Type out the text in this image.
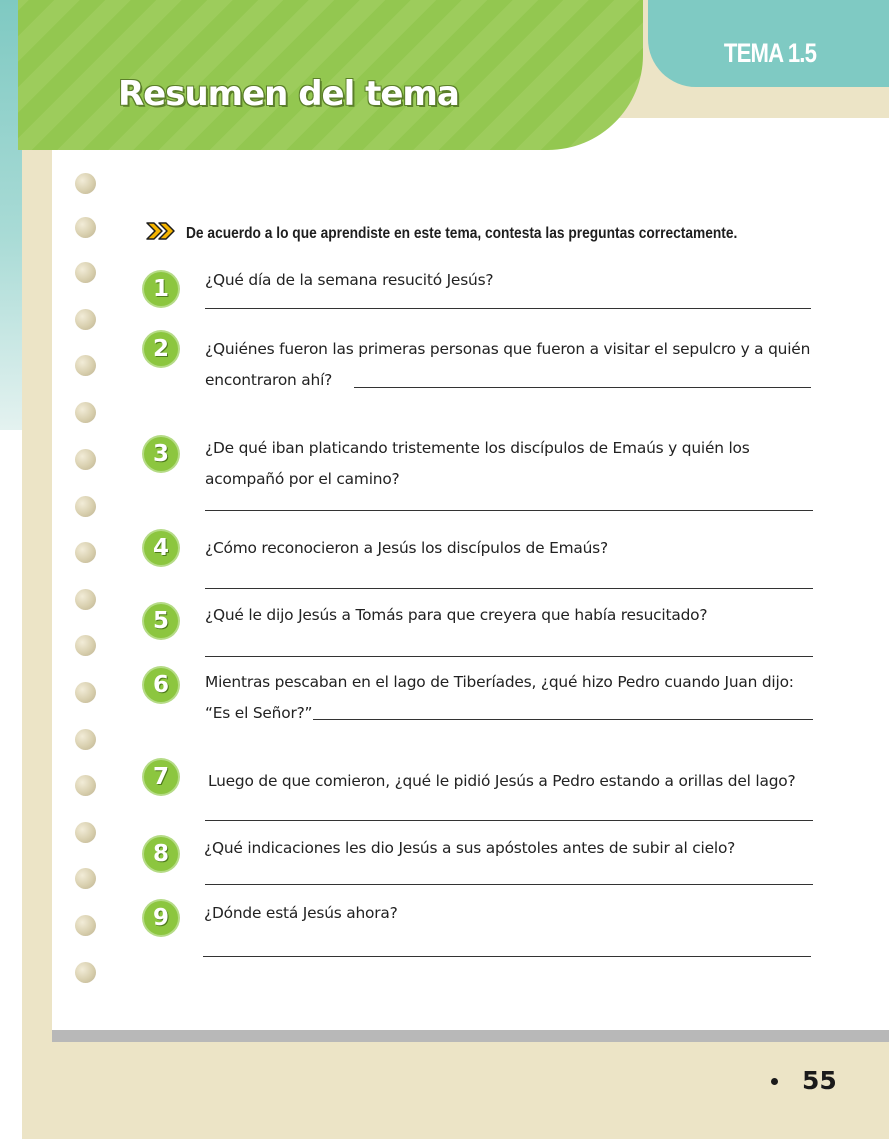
TEMA 1.5
Resumen del tema
De acuerdo a lo que aprendiste en este tema, contesta las preguntas correctamente.
1	¿Qué día de la semana resucitó Jesús?
2	¿Quiénes fueron las primeras personas que fueron a visitar el sepulcro y a quién encontraron ahí?
3	¿De qué iban platicando tristemente los discípulos de Emaús y quién los acompañó por el camino?
4	¿Cómo reconocieron a Jesús los discípulos de Emaús?
5	¿Qué le dijo Jesús a Tomás para que creyera que había resucitado?
6	Mientras pescaban en el lago de Tiberíades, ¿qué hizo Pedro cuando Juan dijo: “Es el Señor?”
7	Luego de que comieron, ¿qué le pidió Jesús a Pedro estando a orillas del lago?
8	¿Qué indicaciones les dio Jesús a sus apóstoles antes de subir al cielo?
9	¿Dónde está Jesús ahora?
55
